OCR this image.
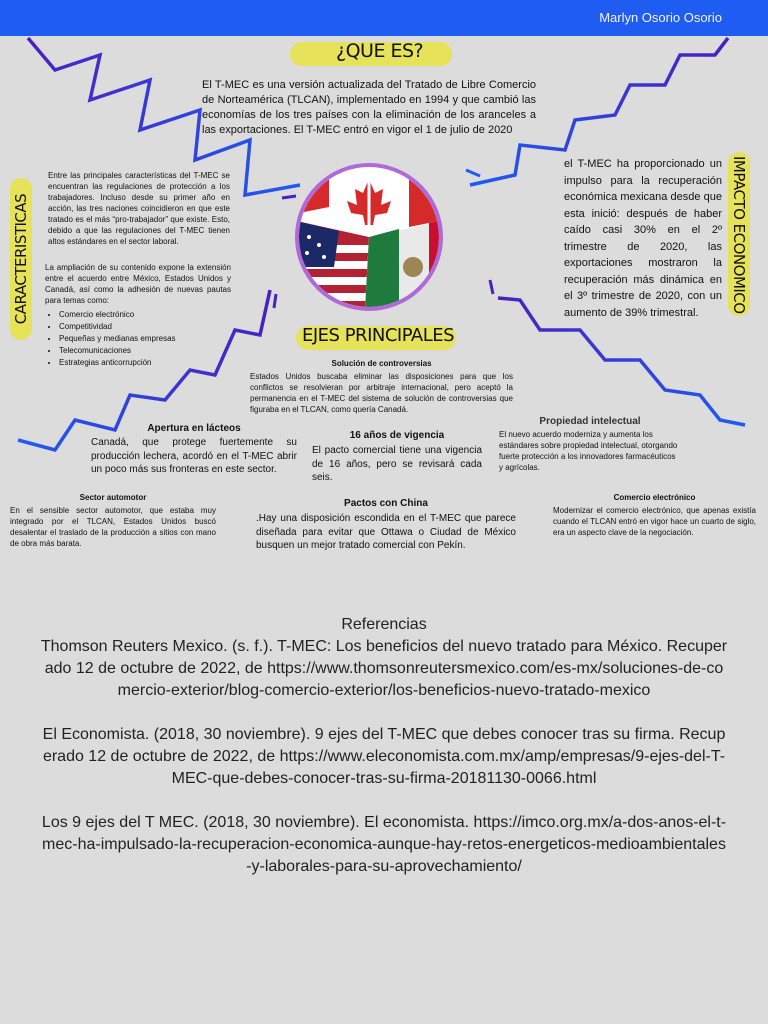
Marlyn Osorio Osorio
¿QUE ES?
El T-MEC es una versión actualizada del Tratado de Libre Comercio de Norteamérica (TLCAN), implementado en 1994 y que cambió las economías de los tres países con la eliminación de los aranceles a las exportaciones. El T-MEC entró en vigor el 1 de julio de 2020
CARACTERISTICAS
Entre las principales características del T-MEC se encuentran las regulaciones de protección a los trabajadores. Incluso desde su primer año en acción, las tres naciones coincidieron en que este tratado es el más “pro-trabajador” que existe. Esto, debido a que las regulaciones del T-MEC tienen altos estándares en el sector laboral.
La ampliación de su contenido expone la extensión entre el acuerdo entre México, Estados Unidos y Canadá, así como la adhesión de nuevas pautas para temas como:
• Comercio electrónico
• Competitividad
• Pequeñas y medianas empresas
• Telecomunicaciones
• Estrategias anticorrupción
IMPACTO ECONOMICO
el T-MEC ha proporcionado un impulso para la recuperación económica mexicana desde que esta inició: después de haber caído casi 30% en el 2º trimestre de 2020, las exportaciones mostraron la recuperación más dinámica en el 3º trimestre de 2020, con un aumento de 39% trimestral.
EJES PRINCIPALES
Solución de controversias
Estados Unidos buscaba eliminar las disposiciones para que los conflictos se resolvieran por arbitraje internacional, pero aceptó la permanencia en el T-MEC del sistema de solución de controversias que figuraba en el TLCAN, como quería Canadá.
Apertura en lácteos
Canadá, que protege fuertemente su producción lechera, acordó en el T-MEC abrir un poco más sus fronteras en este sector.
16 años de vigencia
El pacto comercial tiene una vigencia de 16 años, pero se revisará cada seis.
Propiedad intelectual
El nuevo acuerdo moderniza y aumenta los estándares sobre propiedad intelectual, otorgando fuerte protección a los innovadores farmacéuticos y agrícolas.
Sector automotor
En el sensible sector automotor, que estaba muy integrado por el TLCAN, Estados Unidos buscó desalentar el traslado de la producción a sitios con mano de obra más barata.
Pactos con China
.Hay una disposición escondida en el T-MEC que parece diseñada para evitar que Ottawa o Ciudad de México busquen un mejor tratado comercial con Pekín.
Comercio electrónico
Modernizar el comercio electrónico, que apenas existía cuando el TLCAN entró en vigor hace un cuarto de siglo, era un aspecto clave de la negociación.

Referencias

Thomson Reuters Mexico. (s. f.). T-MEC: Los beneficios del nuevo tratado para México. Recuperado 12 de octubre de 2022, de https://www.thomsonreutersmexico.com/es-mx/soluciones-de-comercio-exterior/blog-comercio-exterior/los-beneficios-nuevo-tratado-mexico

El Economista. (2018, 30 noviembre). 9 ejes del T-MEC que debes conocer tras su firma. Recuperado 12 de octubre de 2022, de https://www.eleconomista.com.mx/amp/empresas/9-ejes-del-T-MEC-que-debes-conocer-tras-su-firma-20181130-0066.html

Los 9 ejes del T MEC. (2018, 30 noviembre). El economista. https://imco.org.mx/a-dos-anos-el-t-mec-ha-impulsado-la-recuperacion-economica-aunque-hay-retos-energeticos-medioambientales-y-laborales-para-su-aprovechamiento/
